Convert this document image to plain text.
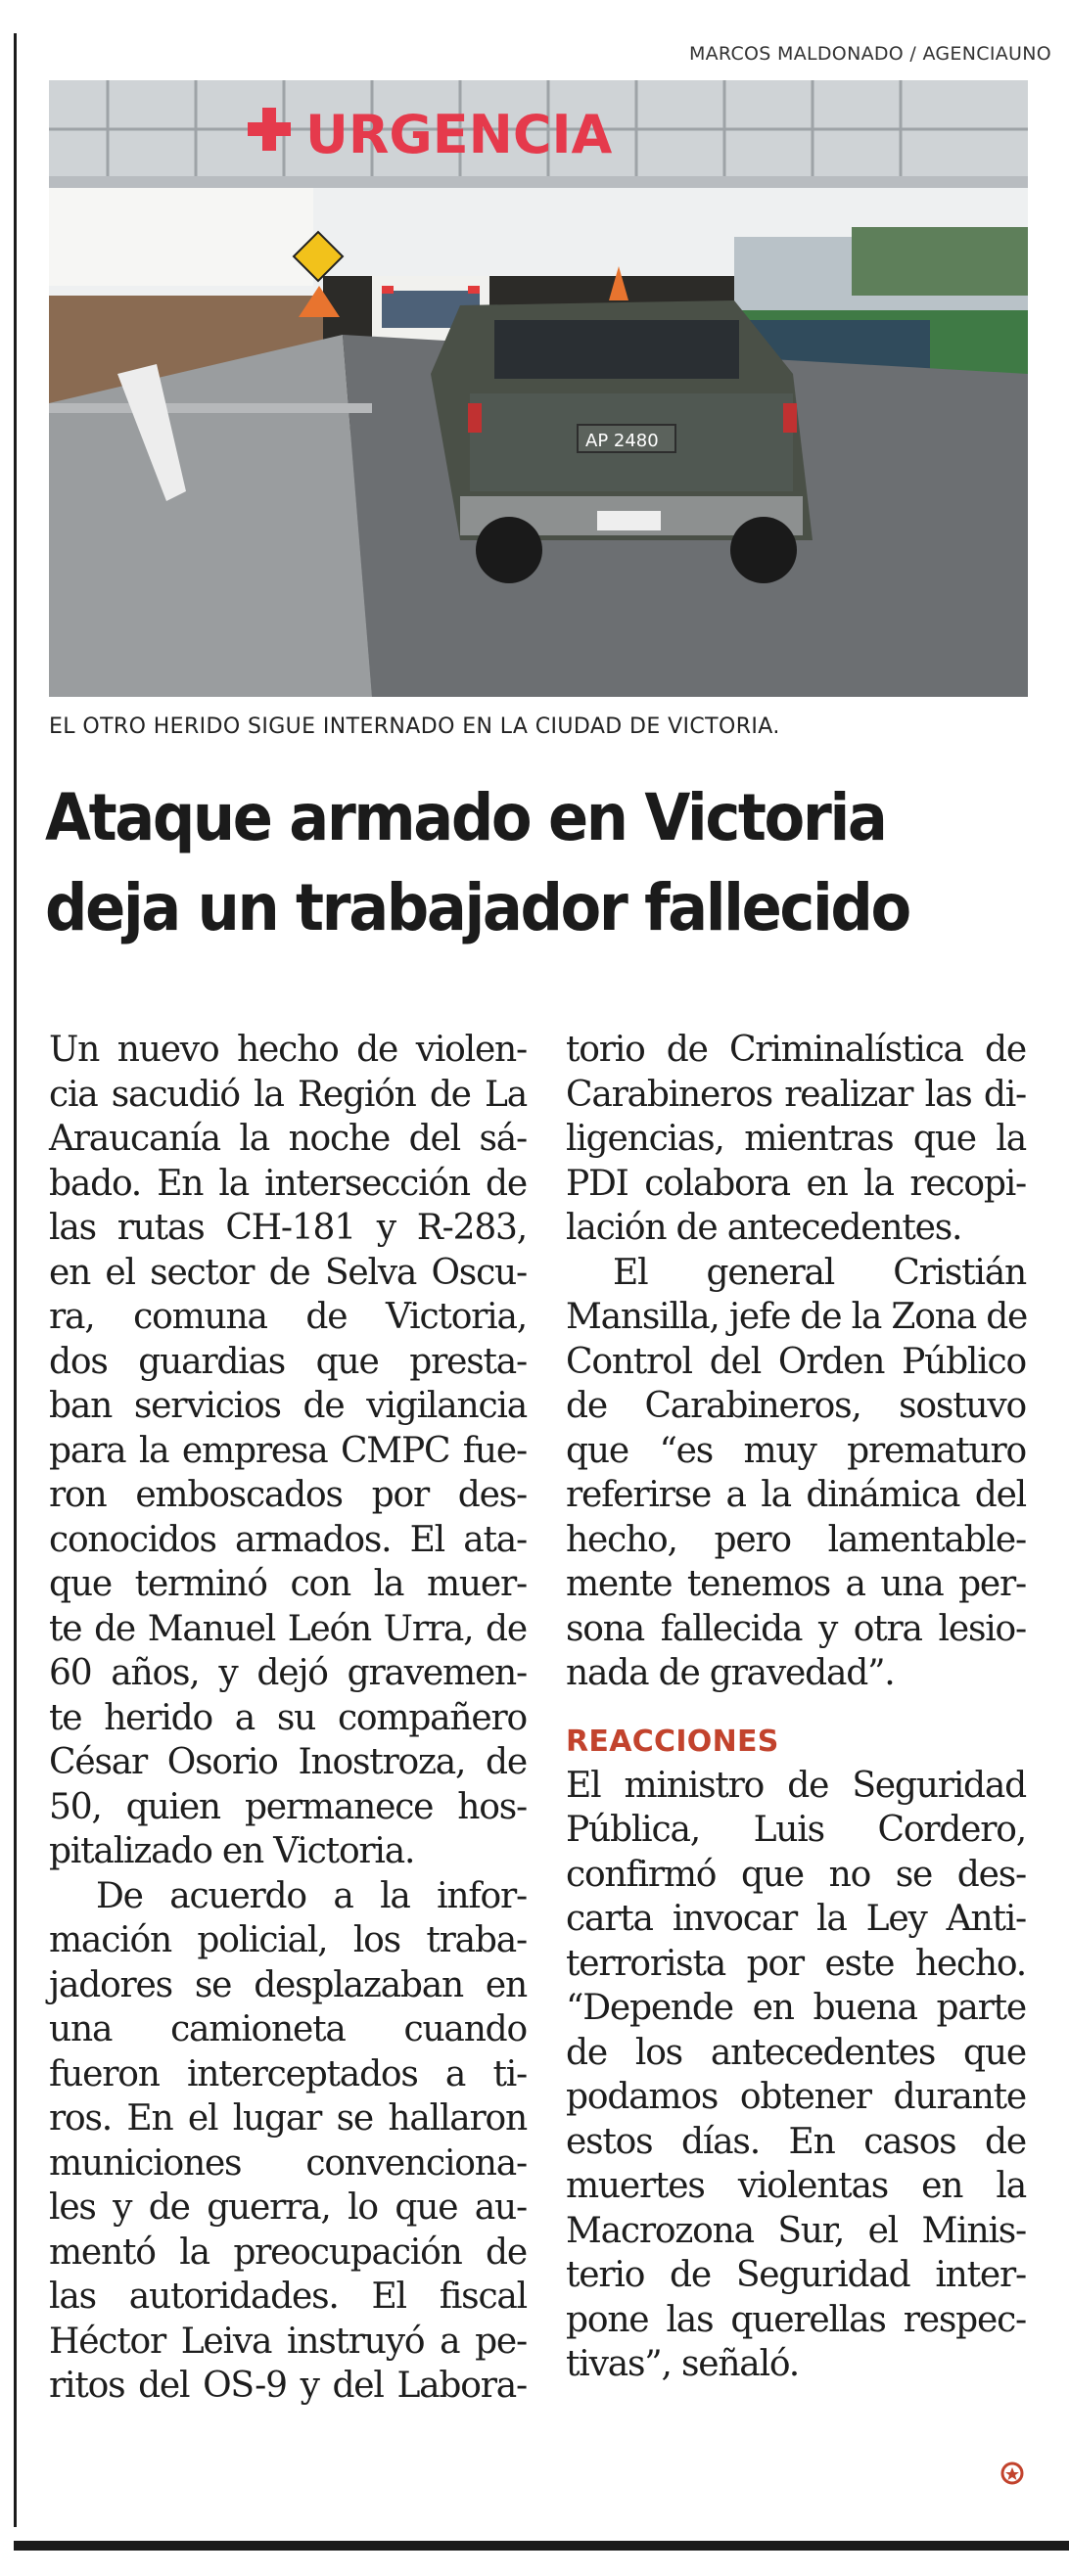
MARCOS MALDONADO / AGENCIAUNO
AP 2480
URGENCIA
EL OTRO HERIDO SIGUE INTERNADO EN LA CIUDAD DE VICTORIA.
Ataque armado en Victoria
deja un trabajador fallecido
Un nuevo hecho de violen-
cia sacudió la Región de La
Araucanía la noche del sá-
bado. En la intersección de
las rutas CH-181 y R-283,
en el sector de Selva Oscu-
ra, comuna de Victoria,
dos guardias que presta-
ban servicios de vigilancia
para la empresa CMPC fue-
ron emboscados por des-
conocidos armados. El ata-
que terminó con la muer-
te de Manuel León Urra, de
60 años, y dejó gravemen-
te herido a su compañero
César Osorio Inostroza, de
50, quien permanece hos-
pitalizado en Victoria.
De acuerdo a la infor-
mación policial, los traba-
jadores se desplazaban en
una camioneta cuando
fueron interceptados a ti-
ros. En el lugar se hallaron
municiones convenciona-
les y de guerra, lo que au-
mentó la preocupación de
las autoridades. El fiscal
Héctor Leiva instruyó a pe-
ritos del OS-9 y del Labora-
torio de Criminalística de
Carabineros realizar las di-
ligencias, mientras que la
PDI colabora en la recopi-
lación de antecedentes.
El general Cristián
Mansilla, jefe de la Zona de
Control del Orden Público
de Carabineros, sostuvo
que “es muy prematuro
referirse a la dinámica del
hecho, pero lamentable-
mente tenemos a una per-
sona fallecida y otra lesio-
nada de gravedad”.
REACCIONES
El ministro de Seguridad
Pública, Luis Cordero,
confirmó que no se des-
carta invocar la Ley Anti-
terrorista por este hecho.
“Depende en buena parte
de los antecedentes que
podamos obtener durante
estos días. En casos de
muertes violentas en la
Macrozona Sur, el Minis-
terio de Seguridad inter-
pone las querellas respec-
tivas”, señaló.
